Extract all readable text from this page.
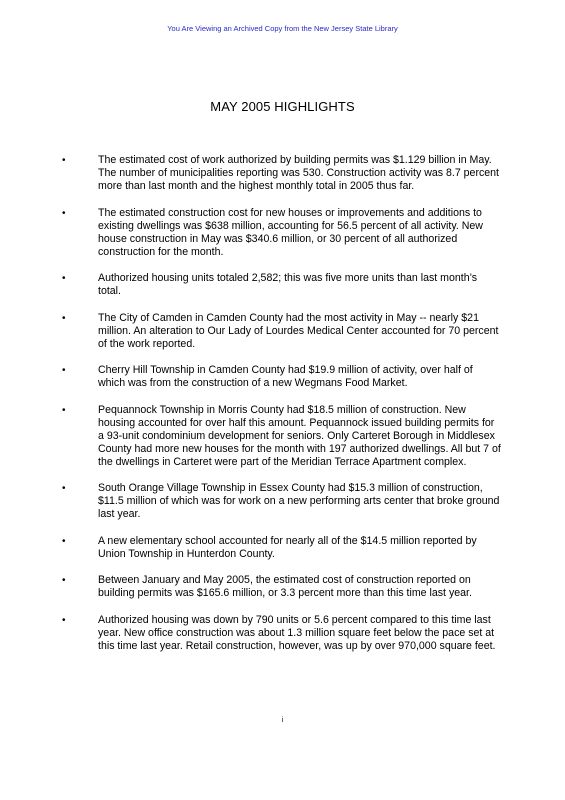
You Are Viewing an Archived Copy from the New Jersey State Library
MAY 2005 HIGHLIGHTS
•	The estimated cost of work authorized by building permits was $1.129 billion in May. The number of municipalities reporting was 530. Construction activity was 8.7 percent more than last month and the highest monthly total in 2005 thus far.
•	The estimated construction cost for new houses or improvements and additions to existing dwellings was $638 million, accounting for 56.5 percent of all activity. New house construction in May was $340.6 million, or 30 percent of all authorized construction for the month.
•	Authorized housing units totaled 2,582; this was five more units than last month’s total.
•	The City of Camden in Camden County had the most activity in May -- nearly $21 million. An alteration to Our Lady of Lourdes Medical Center accounted for 70 percent of the work reported.
•	Cherry Hill Township in Camden County had $19.9 million of activity, over half of which was from the construction of a new Wegmans Food Market.
•	Pequannock Township in Morris County had $18.5 million of construction. New housing accounted for over half this amount. Pequannock issued building permits for a 93-unit condominium development for seniors. Only Carteret Borough in Middlesex County had more new houses for the month with 197 authorized dwellings. All but 7 of the dwellings in Carteret were part of the Meridian Terrace Apartment complex.
•	South Orange Village Township in Essex County had $15.3 million of construction, $11.5 million of which was for work on a new performing arts center that broke ground last year.
•	A new elementary school accounted for nearly all of the $14.5 million reported by Union Township in Hunterdon County.
•	Between January and May 2005, the estimated cost of construction reported on building permits was $165.6 million, or 3.3 percent more than this time last year.
•	Authorized housing was down by 790 units or 5.6 percent compared to this time last year. New office construction was about 1.3 million square feet below the pace set at this time last year. Retail construction, however, was up by over 970,000 square feet.
i
